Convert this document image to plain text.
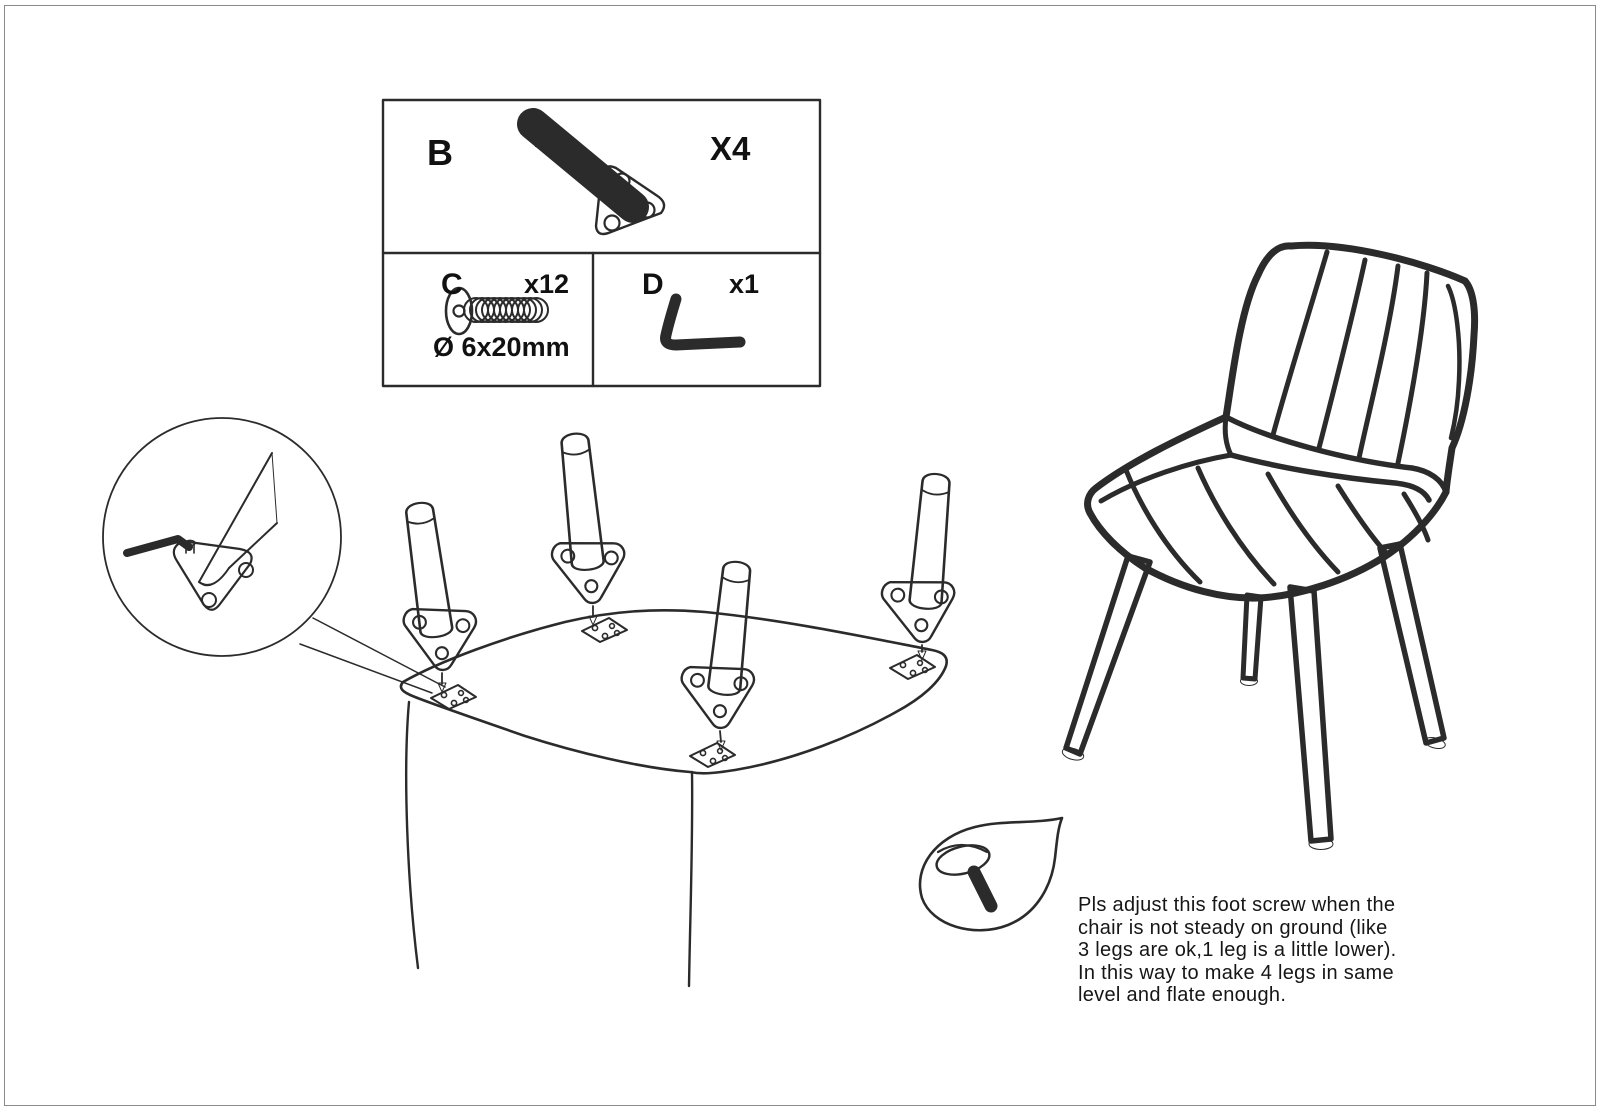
B	X4
C x12
Ø 6x20mm
D x1
Pls adjust this foot screw when the
chair is not steady on ground (like
3 legs are ok,1 leg is a little lower).
In this way to make 4 legs in same
level and flate enough.
